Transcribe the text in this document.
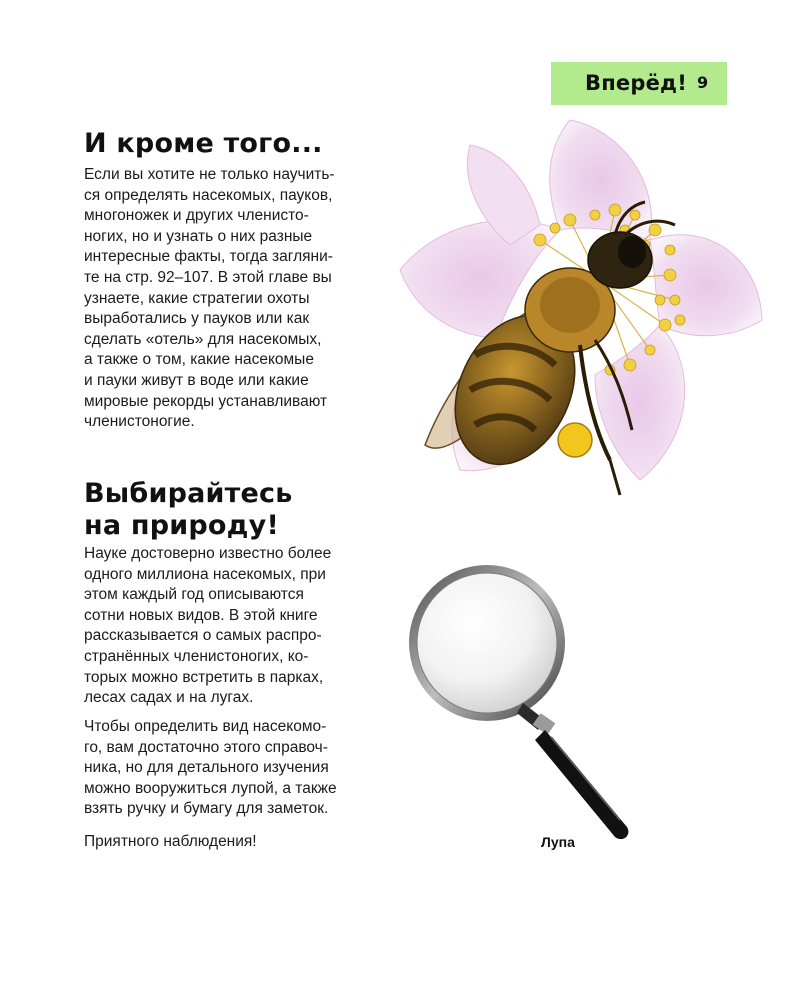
Вперёд! 9
И кроме того...
Если вы хотите не только научить-
ся определять насекомых, пауков,
многоножек и других членисто-
ногих, но и узнать о них разные
интересные факты, тогда загляни-
те на стр. 92–107. В этой главе вы
узнаете, какие стратегии охоты
выработались у пауков или как
сделать «отель» для насекомых,
а также о том, какие насекомые
и пауки живут в воде или какие
мировые рекорды устанавливают
членистоногие.
Выбирайтесь
на природу!
Науке достоверно известно более
одного миллиона насекомых, при
этом каждый год описываются
сотни новых видов. В этой книге
рассказывается о самых распро-
странённых членистоногих, ко-
торых можно встретить в парках,
лесах садах и на лугах.
Чтобы определить вид насекомо-
го, вам достаточно этого справоч-
ника, но для детального изучения
можно вооружиться лупой, а также
взять ручку и бумагу для заметок.
Приятного наблюдения!	Лупа
